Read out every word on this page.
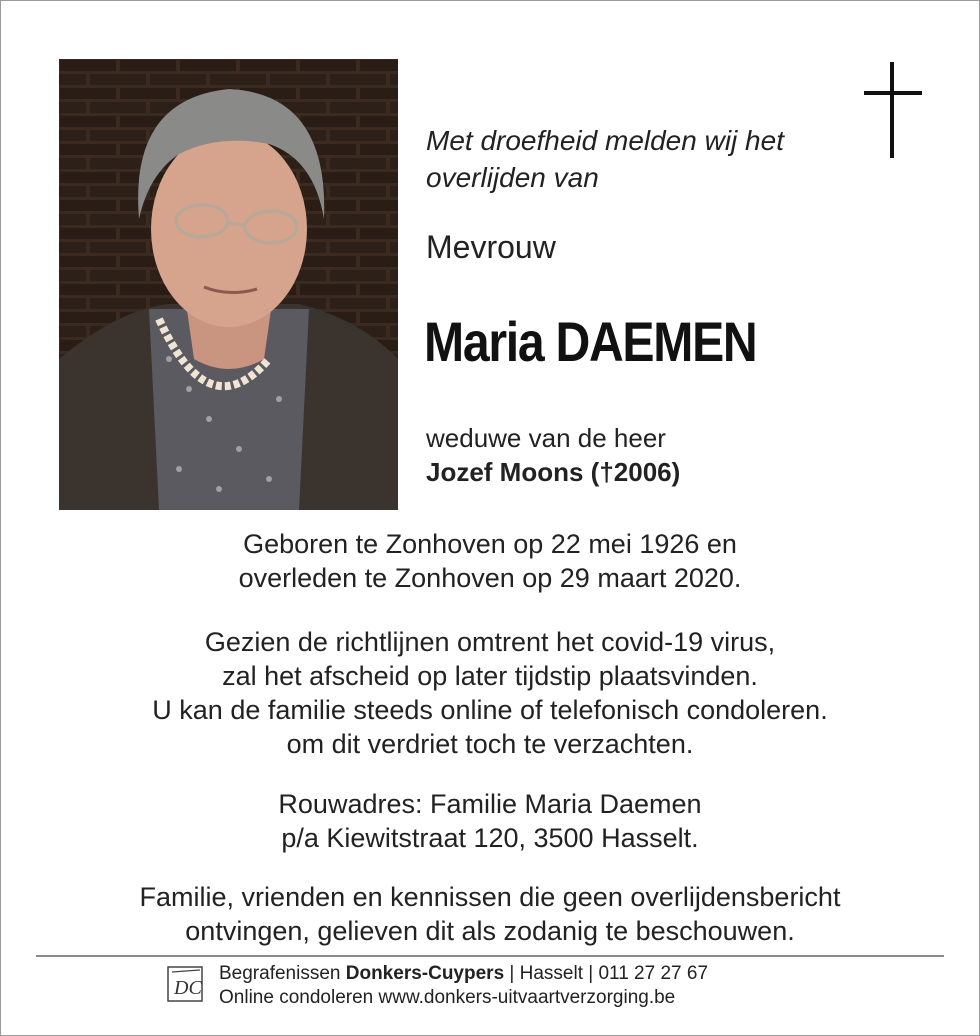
Met droefheid melden wij het
overlijden van
Mevrouw
Maria DAEMEN
weduwe van de heer
Jozef Moons (†2006)
Geboren te Zonhoven op 22 mei 1926 en
overleden te Zonhoven op 29 maart 2020.
Gezien de richtlijnen omtrent het covid-19 virus,
zal het afscheid op later tijdstip plaatsvinden.
U kan de familie steeds online of telefonisch condoleren.
om dit verdriet toch te verzachten.
Rouwadres: Familie Maria Daemen
p/a Kiewitstraat 120, 3500 Hasselt.
Familie, vrienden en kennissen die geen overlijdensbericht
ontvingen, gelieven dit als zodanig te beschouwen.
DC
Begrafenissen Donkers-Cuypers | Hasselt | 011 27 27 67
Online condoleren www.donkers-uitvaartverzorging.be
